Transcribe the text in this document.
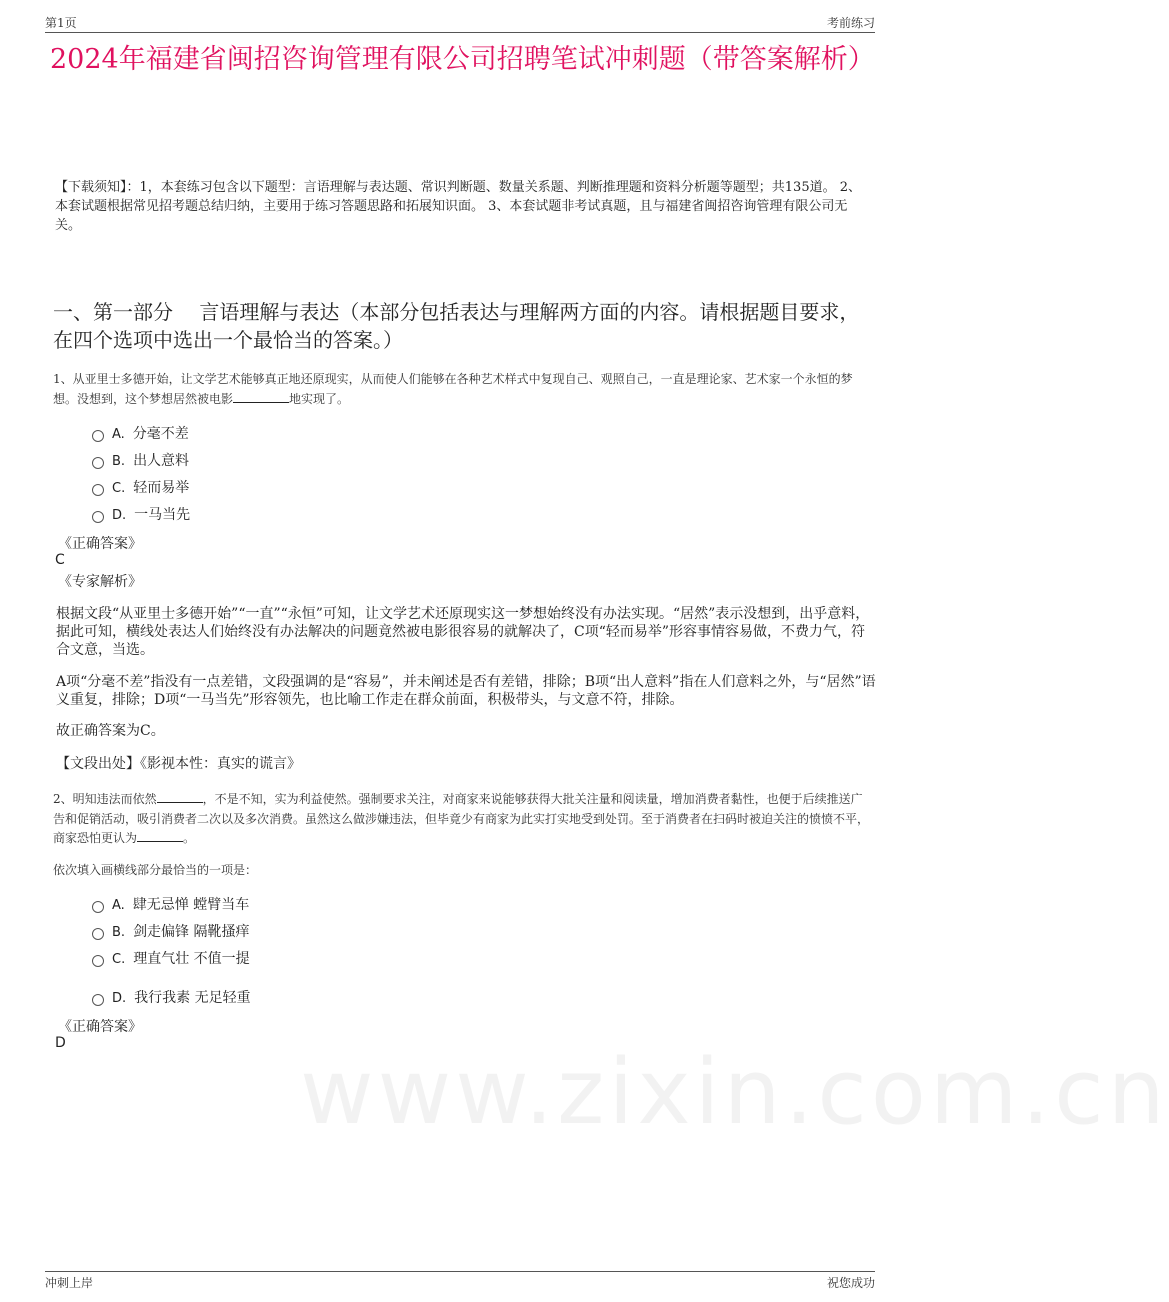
www.zixin.com.cn
第1页	考前练习
2024年福建省闽招咨询管理有限公司招聘笔试冲刺题（带答案解析）
【下载须知】：1，本套练习包含以下题型：言语理解与表达题、常识判断题、数量关系题、判断推理题和资料分析题等题型；共135道。 2、本套试题根据常见招考题总结归纳，主要用于练习答题思路和拓展知识面。 3、本套试题非考试真题，且与福建省闽招咨询管理有限公司无关。
一、第一部分　 言语理解与表达（本部分包括表达与理解两方面的内容。请根据题目要求，在四个选项中选出一个最恰当的答案。）
1、从亚里士多德开始，让文学艺术能够真正地还原现实，从而使人们能够在各种艺术样式中复现自己、观照自己，一直是理论家、艺术家一个永恒的梦想。没想到，这个梦想居然被电影	地实现了。
A. 分毫不差
B. 出人意料
C. 轻而易举
D. 一马当先
《正确答案》
C
《专家解析》
根据文段“从亚里士多德开始”“一直”“永恒”可知，让文学艺术还原现实这一梦想始终没有办法实现。“居然”表示没想到，出乎意料，据此可知，横线处表达人们始终没有办法解决的问题竟然被电影很容易的就解决了，C项“轻而易举”形容事情容易做，不费力气，符合文意，当选。
A项“分毫不差”指没有一点差错，文段强调的是“容易”，并未阐述是否有差错，排除；B项“出人意料”指在人们意料之外，与“居然”语义重复，排除；D项“一马当先”形容领先，也比喻工作走在群众前面，积极带头，与文意不符，排除。
故正确答案为C。
【文段出处】《影视本性：真实的谎言》
2、明知违法而依然	，不是不知，实为利益使然。强制要求关注，对商家来说能够获得大批关注量和阅读量，增加消费者黏性，也便于后续推送广告和促销活动，吸引消费者二次以及多次消费。虽然这么做涉嫌违法，但毕竟少有商家为此实打实地受到处罚。至于消费者在扫码时被迫关注的愤愤不平，商家恐怕更认为	。
依次填入画横线部分最恰当的一项是：
A. 肆无忌惮 螳臂当车
B. 剑走偏锋 隔靴搔痒
C. 理直气壮 不值一提
D. 我行我素 无足轻重
《正确答案》
D
冲刺上岸	祝您成功
